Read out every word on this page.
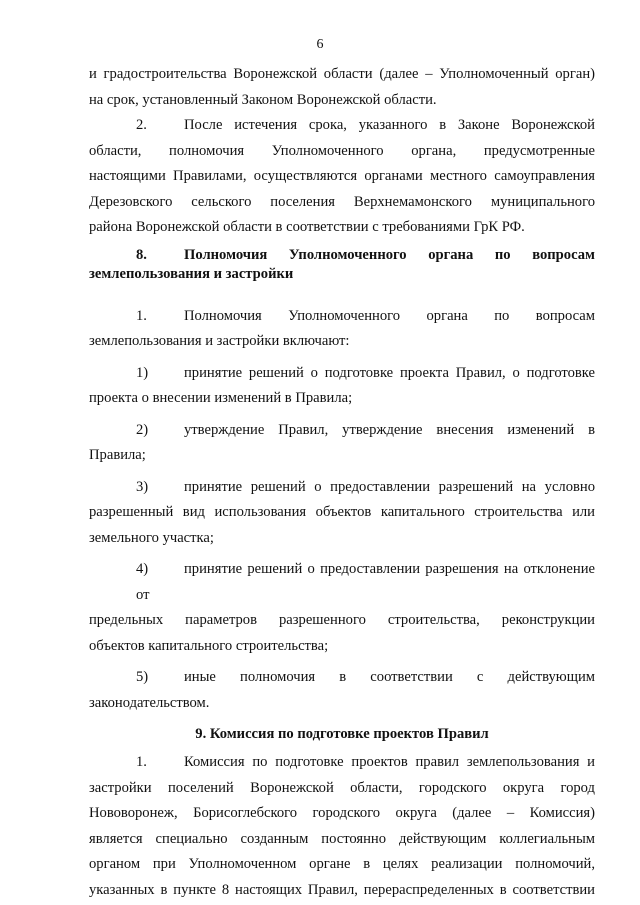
6

и градостроительства Воронежской области (далее – Уполномоченный орган)
на срок, установленный Законом Воронежской области.

2.	После истечения срока, указанного в Законе Воронежской
области, полномочия Уполномоченного органа, предусмотренные
настоящими Правилами, осуществляются органами местного самоуправления
Дерезовского сельского поселения Верхнемамонского муниципального
района Воронежской области в соответствии с требованиями ГрК РФ.

8.	Полномочия Уполномоченного органа по вопросам
землепользования и застройки

1.	Полномочия Уполномоченного органа по вопросам
землепользования и застройки включают:

1) принятие решений о подготовке проекта Правил, о подготовке
проекта о внесении изменений в Правила;

2) утверждение Правил, утверждение внесения изменений в
Правила;

3) принятие решений о предоставлении разрешений на условно
разрешенный вид использования объектов капитального строительства или
земельного участка;

4) принятие решений о предоставлении разрешения на отклонение от
предельных параметров разрешенного строительства, реконструкции
объектов капитального строительства;

5) иные полномочия в соответствии с действующим
законодательством.

9. Комиссия по подготовке проектов Правил

1.	Комиссия по подготовке проектов правил землепользования и
застройки поселений Воронежской области, городского округа город
Нововоронеж, Борисоглебского городского округа (далее – Комиссия)
является специально созданным постоянно действующим коллегиальным
органом при Уполномоченном органе в целях реализации полномочий,
указанных в пункте 8 настоящих Правил, перераспределенных в соответствии
